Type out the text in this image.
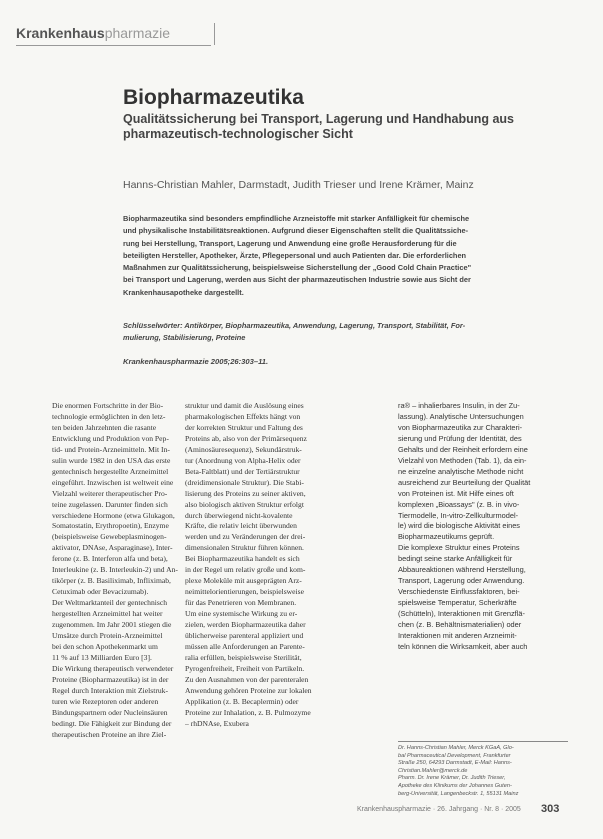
Krankenhauspharmazie
Biopharmazeutika
Qualitätssicherung bei Transport, Lagerung und Handhabung aus pharmazeutisch-technologischer Sicht
Hanns-Christian Mahler, Darmstadt, Judith Trieser und Irene Krämer, Mainz
Biopharmazeutika sind besonders empfindliche Arzneistoffe mit starker Anfälligkeit für chemische
und physikalische Instabilitätsreaktionen. Aufgrund dieser Eigenschaften stellt die Qualitätssiche-
rung bei Herstellung, Transport, Lagerung und Anwendung eine große Herausforderung für die
beteiligten Hersteller, Apotheker, Ärzte, Pflegepersonal und auch Patienten dar. Die erforderlichen
Maßnahmen zur Qualitätssicherung, beispielsweise Sicherstellung der „Good Cold Chain Practice"
bei Transport und Lagerung, werden aus Sicht der pharmazeutischen Industrie sowie aus Sicht der
Krankenhausapotheke dargestellt.
Schlüsselwörter: Antikörper, Biopharmazeutika, Anwendung, Lagerung, Transport, Stabilität, For-
mulierung, Stabilisierung, Proteine
Krankenhauspharmazie 2005;26:303–11.
Die enormen Fortschritte in der Bio-
technologie ermöglichten in den letz-
ten beiden Jahrzehnten die rasante
Entwicklung und Produktion von Pep-
tid- und Protein-Arzneimitteln. Mit In-
sulin wurde 1982 in den USA das erste
gentechnisch hergestellte Arzneimittel
eingeführt. Inzwischen ist weltweit eine
Vielzahl weiterer therapeutischer Pro-
teine zugelassen. Darunter finden sich
verschiedene Hormone (etwa Glukagon,
Somatostatin, Erythropoetin), Enzyme
(beispielsweise Gewebeplasminogen-
aktivator, DNAse, Asparaginase), Inter-
ferone (z. B. Interferon alfa und beta),
Interleukine (z. B. Interleukin-2) und An-
tikörper (z. B. Basiliximab, Infliximab,
Cetuximab oder Bevacizumab).
Der Weltmarktanteil der gentechnisch
hergestellten Arzneimittel hat weiter
zugenommen. Im Jahr 2001 stiegen die
Umsätze durch Protein-Arzneimittel
bei den schon Apothekenmarkt um
11 % auf 13 Milliarden Euro [3].
Die Wirkung therapeutisch verwendeter
Proteine (Biopharmazeutika) ist in der
Regel durch Interaktion mit Zielstruk-
turen wie Rezeptoren oder anderen
Bindungspartnern oder Nucleinsäuren
bedingt. Die Fähigkeit zur Bindung der
therapeutischen Proteine an ihre Ziel-
struktur und damit die Auslösung eines
pharmakologischen Effekts hängt von
der korrekten Struktur und Faltung des
Proteins ab, also von der Primärsequenz
(Aminosäuresequenz), Sekundärstruk-
tur (Anordnung von Alpha-Helix oder
Beta-Faltblatt) und der Tertiärstruktur
(dreidimensionale Struktur). Die Stabi-
lisierung des Proteins zu seiner aktiven,
also biologisch aktiven Struktur erfolgt
durch überwiegend nicht-kovalente
Kräfte, die relativ leicht überwunden
werden und zu Veränderungen der drei-
dimensionalen Struktur führen können.
Bei Biopharmazeutika handelt es sich
in der Regel um relativ große und kom-
plexe Moleküle mit ausgeprägten Arz-
neimittelorientierungen, beispielsweise
für das Penetrieren von Membranen.
Um eine systemische Wirkung zu er-
zielen, werden Biopharmazeutika daher
üblicherweise parenteral appliziert und
müssen alle Anforderungen an Parente-
ralia erfüllen, beispielsweise Sterilität,
Pyrogenfreiheit, Freiheit von Partikeln.
Zu den Ausnahmen von der parenteralen
Anwendung gehören Proteine zur lokalen
Applikation (z. B. Becaplermin) oder
Proteine zur Inhalation, z. B. Pulmozyme
– rhDNAse, Exubera
ra® – inhalierbares Insulin, in der Zu-
lassung). Analytische Untersuchungen
von Biopharmazeutika zur Charakteri-
sierung und Prüfung der Identität, des
Gehalts und der Reinheit erfordern eine
Vielzahl von Methoden (Tab. 1), da ein-
ne einzelne analytische Methode nicht
ausreichend zur Beurteilung der Qualität
von Proteinen ist. Mit Hilfe eines oft
komplexen „Bioassays" (z. B. in vivo-
Tiermodelle, In-vitro-Zellkulturmodel-
le) wird die biologische Aktivität eines
Biopharmazeutikums geprüft.
Die komplexe Struktur eines Proteins
bedingt seine starke Anfälligkeit für
Abbaureaktionen während Herstellung,
Transport, Lagerung oder Anwendung.
Verschiedenste Einflussfaktoren, bei-
spielsweise Temperatur, Scherkräfte
(Schütteln), Interaktionen mit Grenzflä-
chen (z. B. Behältnismaterialien) oder
Interaktionen mit anderen Arzneimit-
teln können die Wirksamkeit, aber auch
Dr. Hanns-Christian Mahler, Merck KGaA, Glo-
bal Pharmaceutical Development, Frankfurter
Straße 250, 64293 Darmstadt, E-Mail: Hanns-
Christian.Mahler@merck.de
Pharm. Dr. Irene Krämer, Dr. Judith Trieser,
Apotheke des Klinikums der Johannes Guten-
berg-Universität, Langenbeckstr. 1, 55131 Mainz
Krankenhauspharmazie · 26. Jahrgang · Nr. 8 · 2005 303
